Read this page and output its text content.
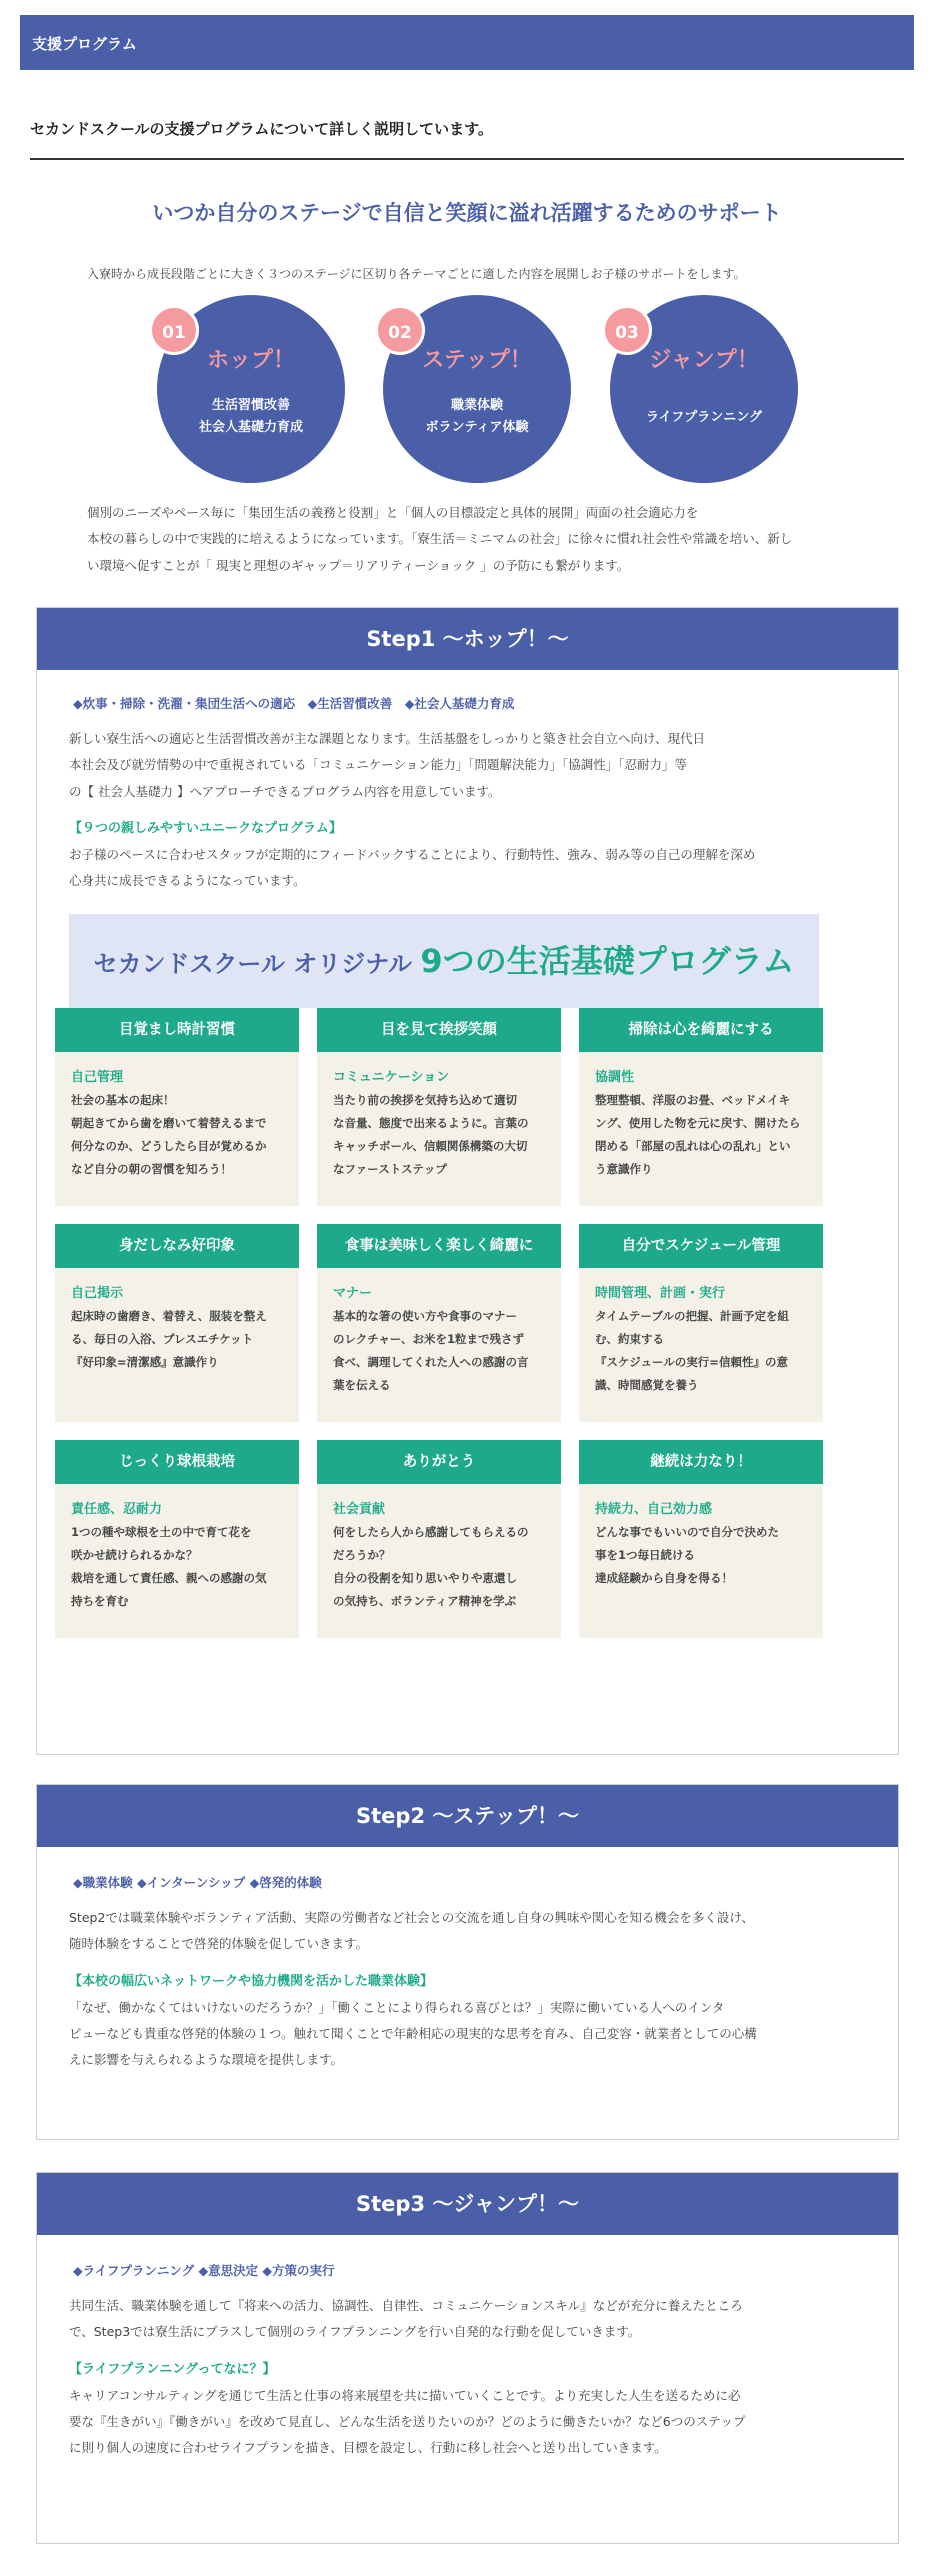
支援プログラム
セカンドスクールの支援プログラムについて詳しく説明しています。
いつか自分のステージで自信と笑顔に溢れ活躍するためのサポート
入寮時から成長段階ごとに大きく３つのステージに区切り各テーマごとに適した内容を展開しお子様のサポートをします。
01
ホップ！
生活習慣改善
社会人基礎力育成
02
ステップ！
職業体験
ボランティア体験
03
ジャンプ！
ライフプランニング
個別のニーズやペース毎に「集団生活の義務と役割」と「個人の目標設定と具体的展開」両面の社会適応力を
本校の暮らしの中で実践的に培えるようになっています。「寮生活＝ミニマムの社会」に徐々に慣れ社会性や常識を培い、新し
い環境へ促すことが「 現実と理想のギャップ＝リアリティーショック 」の予防にも繋がります。
Step1 〜ホップ！〜
◆炊事・掃除・洗濯・集団生活への適応　◆生活習慣改善　◆社会人基礎力育成
新しい寮生活への適応と生活習慣改善が主な課題となります。生活基盤をしっかりと築き社会自立へ向け、現代日
本社会及び就労情勢の中で重視されている「コミュニケーション能力」「問題解決能力」「協調性」「忍耐力」等
の【 社会人基礎力 】へアプローチできるプログラム内容を用意しています。
【９つの親しみやすいユニークなプログラム】
お子様のペースに合わせスタッフが定期的にフィードバックすることにより、行動特性、強み、弱み等の自己の理解を深め
心身共に成長できるようになっています。
セカンドスクール オリジナル 9つの生活基礎プログラム
目覚まし時計習慣
自己管理
社会の基本の起床！
朝起きてから歯を磨いて着替えるまで
何分なのか、どうしたら目が覚めるか
など自分の朝の習慣を知ろう！
目を見て挨拶笑顔
コミュニケーション
当たり前の挨拶を気持ち込めて適切
な音量、態度で出来るように。言葉の
キャッチボール、信頼関係構築の大切
なファーストステップ
掃除は心を綺麗にする
協調性
整理整頓、洋服のお畳、ベッドメイキ
ング、使用した物を元に戻す、開けたら
閉める「部屋の乱れは心の乱れ」とい
う意識作り
身だしなみ好印象
自己掲示
起床時の歯磨き、着替え、服装を整え
る、毎日の入浴、プレスエチケット
『好印象=清潔感』意識作り
食事は美味しく楽しく綺麗に
マナー
基本的な箸の使い方や食事のマナー
のレクチャー、お米を1粒まで残さず
食べ、調理してくれた人への感謝の言
葉を伝える
自分でスケジュール管理
時間管理、計画・実行
タイムテーブルの把握、計画予定を組
む、約束する
『スケジュールの実行=信頼性』の意
識、時間感覚を養う
じっくり球根栽培
責任感、忍耐力
1つの種や球根を土の中で育て花を
咲かせ続けられるかな？
栽培を通して責任感、親への感謝の気
持ちを育む
ありがとう
社会貢献
何をしたら人から感謝してもらえるの
だろうか？
自分の役割を知り思いやりや恵還し
の気持ち、ボランティア精神を学ぶ
継続は力なり！
持続力、自己効力感
どんな事でもいいので自分で決めた
事を1つ毎日続ける
達成経験から自身を得る！
Step2 〜ステップ！〜
◆職業体験 ◆インターンシップ ◆啓発的体験
Step2では職業体験やボランティア活動、実際の労働者など社会との交流を通し自身の興味や関心を知る機会を多く設け、
随時体験をすることで啓発的体験を促していきます。
【本校の幅広いネットワークや協力機関を活かした職業体験】
「なぜ、働かなくてはいけないのだろうか？」「働くことにより得られる喜びとは？」実際に働いている人へのインタ
ビューなども貴重な啓発的体験の１つ。触れて聞くことで年齢相応の現実的な思考を育み、自己変容・就業者としての心構
えに影響を与えられるような環境を提供します。
Step3 〜ジャンプ！〜
◆ライフプランニング ◆意思決定 ◆方策の実行
共同生活、職業体験を通して『将来への活力、協調性、自律性、コミュニケーションスキル』などが充分に養えたところ
で、Step3では寮生活にプラスして個別のライフプランニングを行い自発的な行動を促していきます。
【ライフプランニングってなに？】
キャリアコンサルティングを通じて生活と仕事の将来展望を共に描いていくことです。より充実した人生を送るために必
要な『生きがい』『働きがい』を改めて見直し、どんな生活を送りたいのか？どのように働きたいか？など6つのステップ
に則り個人の速度に合わせライフプランを描き、目標を設定し、行動に移し社会へと送り出していきます。
